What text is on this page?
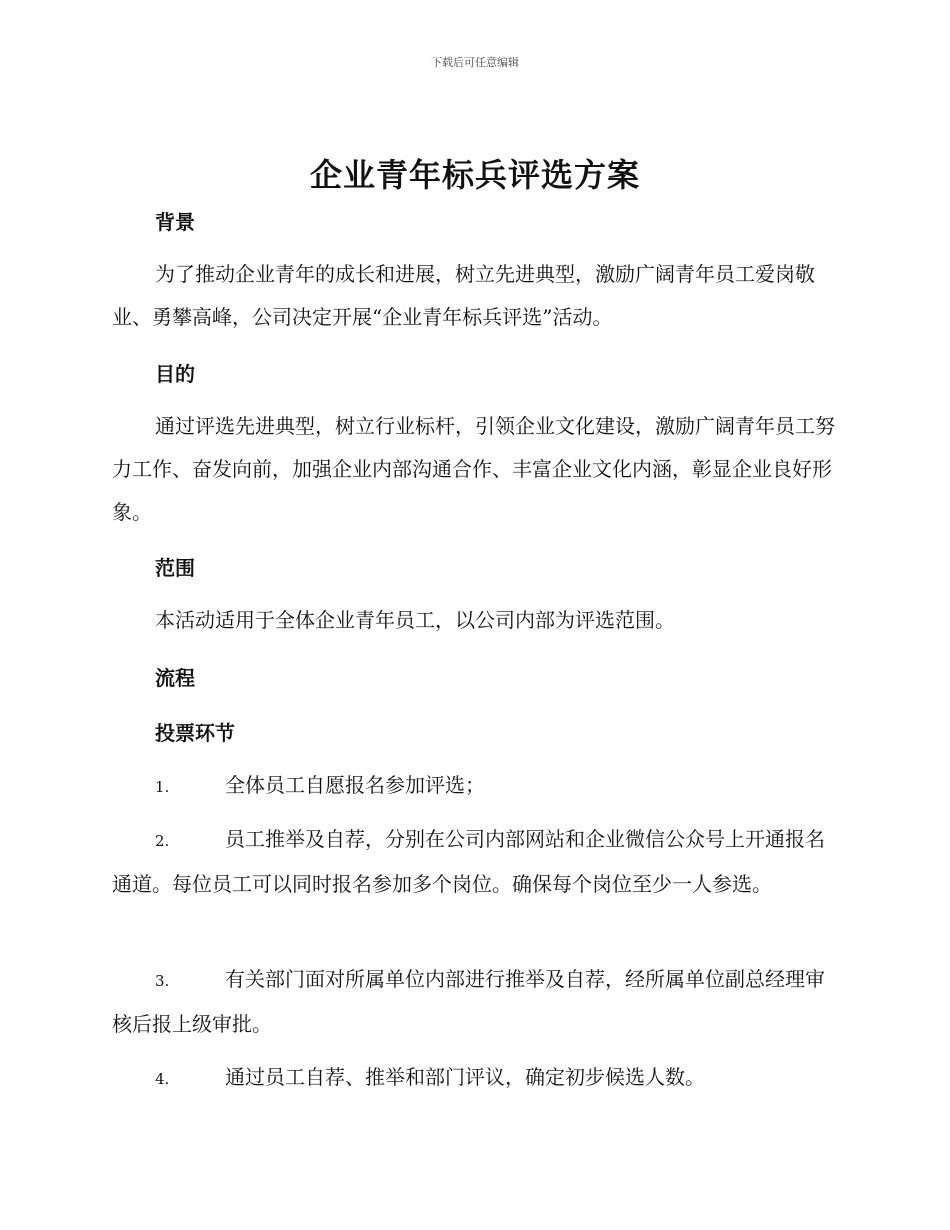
下载后可任意编辑
企业青年标兵评选方案
背景
为了推动企业青年的成长和进展，树立先进典型，激励广阔青年员工爱岗敬业、勇攀高峰，公司决定开展“企业青年标兵评选”活动。
目的
通过评选先进典型，树立行业标杆，引领企业文化建设，激励广阔青年员工努力工作、奋发向前，加强企业内部沟通合作、丰富企业文化内涵，彰显企业良好形象。
范围
本活动适用于全体企业青年员工，以公司内部为评选范围。
流程
投票环节
1.	全体员工自愿报名参加评选；
2.	员工推举及自荐，分别在公司内部网站和企业微信公众号上开通报名通道。每位员工可以同时报名参加多个岗位。确保每个岗位至少一人参选。
3.	有关部门面对所属单位内部进行推举及自荐，经所属单位副总经理审核后报上级审批。
4.	通过员工自荐、推举和部门评议，确定初步候选人数。
